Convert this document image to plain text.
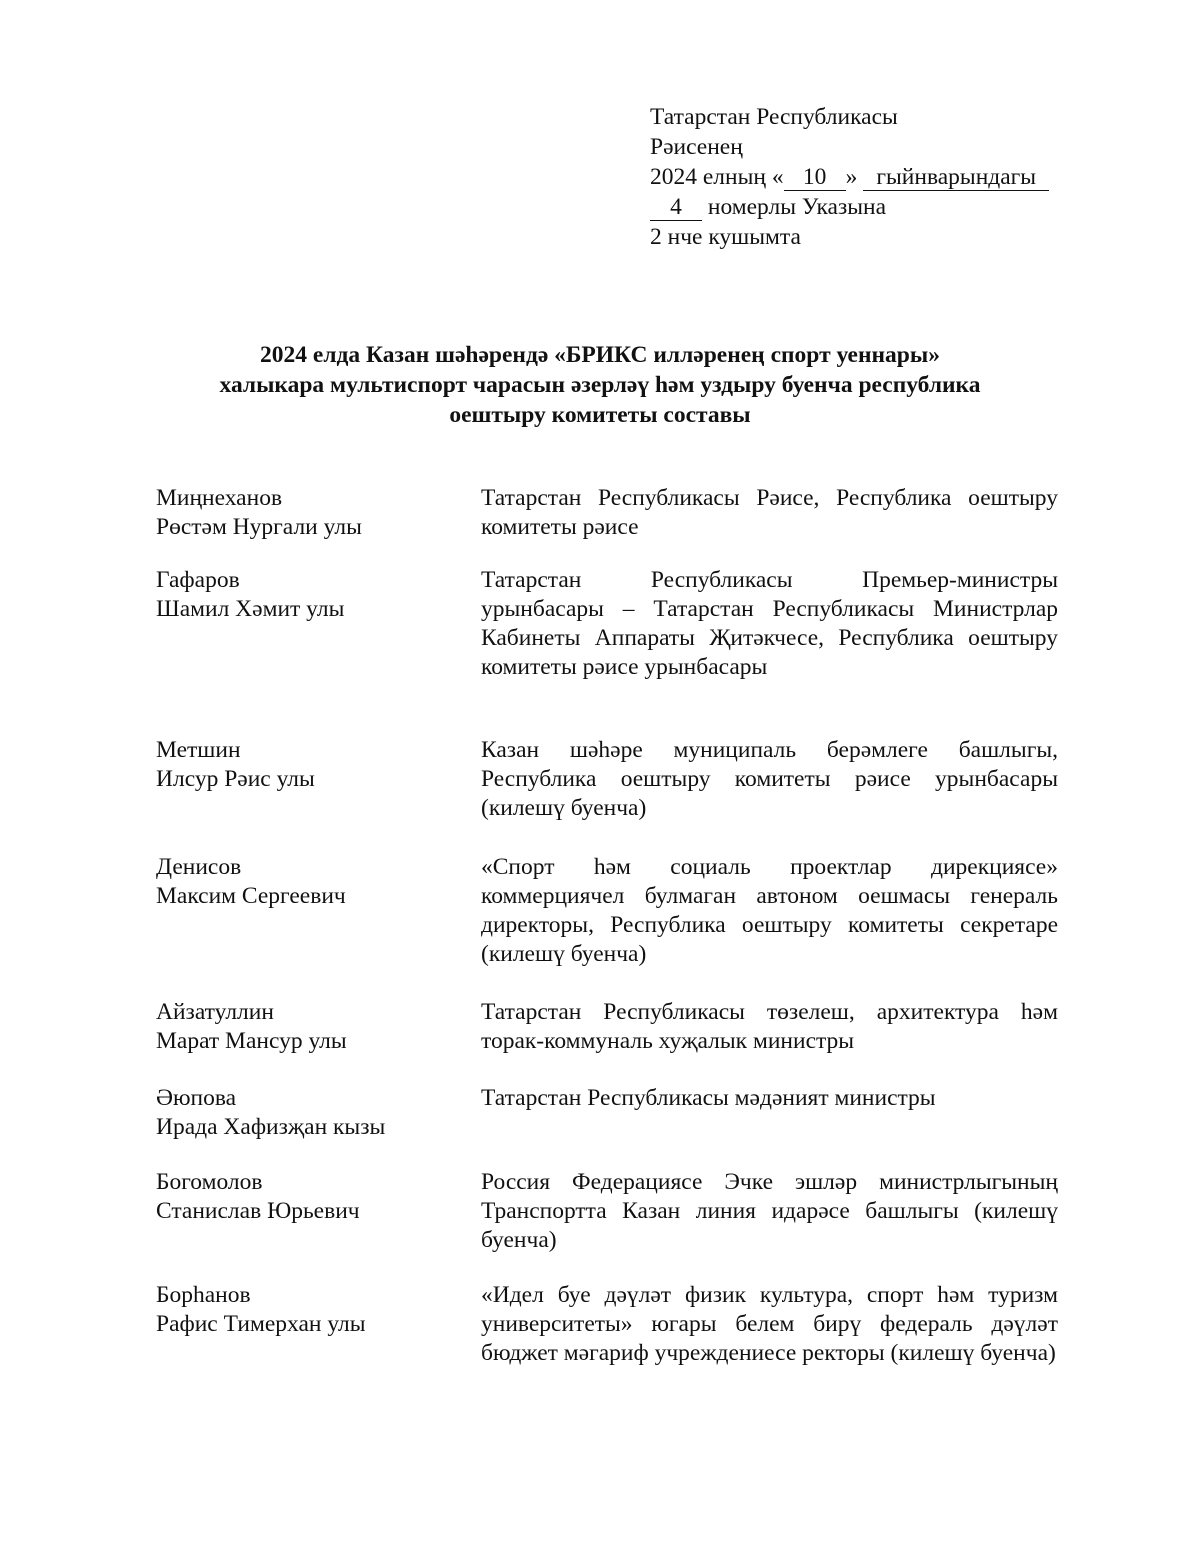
Татарстан Республикасы
Рәисенең
2024 елның « 10 » гыйнварындагы
4 номерлы Указына
2 нче кушымта
2024 елда Казан шәһәрендә «БРИКС илләренең спорт уеннары»
халыкара мультиспорт чарасын әзерләү һәм уздыру буенча республика
оештыру комитеты составы
Миңнеханов
Рөстәм Нургали улы
Татарстан Республикасы Рәисе, Республика оештыру комитеты рәисе
Гафаров
Шамил Хәмит улы
Татарстан Республикасы Премьер-министры урынбасары – Татарстан Республикасы Министрлар Кабинеты Аппараты Җитәкчесе, Республика оештыру комитеты рәисе урынбасары
Метшин
Илсур Рәис улы
Казан шәһәре муниципаль берәмлеге башлыгы, Республика оештыру комитеты рәисе урынбасары (килешү буенча)
Денисов
Максим Сергеевич
«Спорт һәм социаль проектлар дирекциясе» коммерциячел булмаган автоном оешмасы генераль директоры, Республика оештыру комитеты секретаре (килешү буенча)
Айзатуллин
Марат Мансур улы
Татарстан Республикасы төзелеш, архитектура һәм торак-коммуналь хуҗалык министры
Әюпова
Ирада Хафизҗан кызы
Татарстан Республикасы мәдәният министры
Богомолов
Станислав Юрьевич
Россия Федерациясе Эчке эшләр министрлыгының Транспортта Казан линия идарәсе башлыгы (килешү буенча)
Борһанов
Рафис Тимерхан улы
«Идел буе дәүләт физик культура, спорт һәм туризм университеты» югары белем бирү федераль дәүләт бюджет мәгариф учреждениесе ректоры (килешү буенча)
